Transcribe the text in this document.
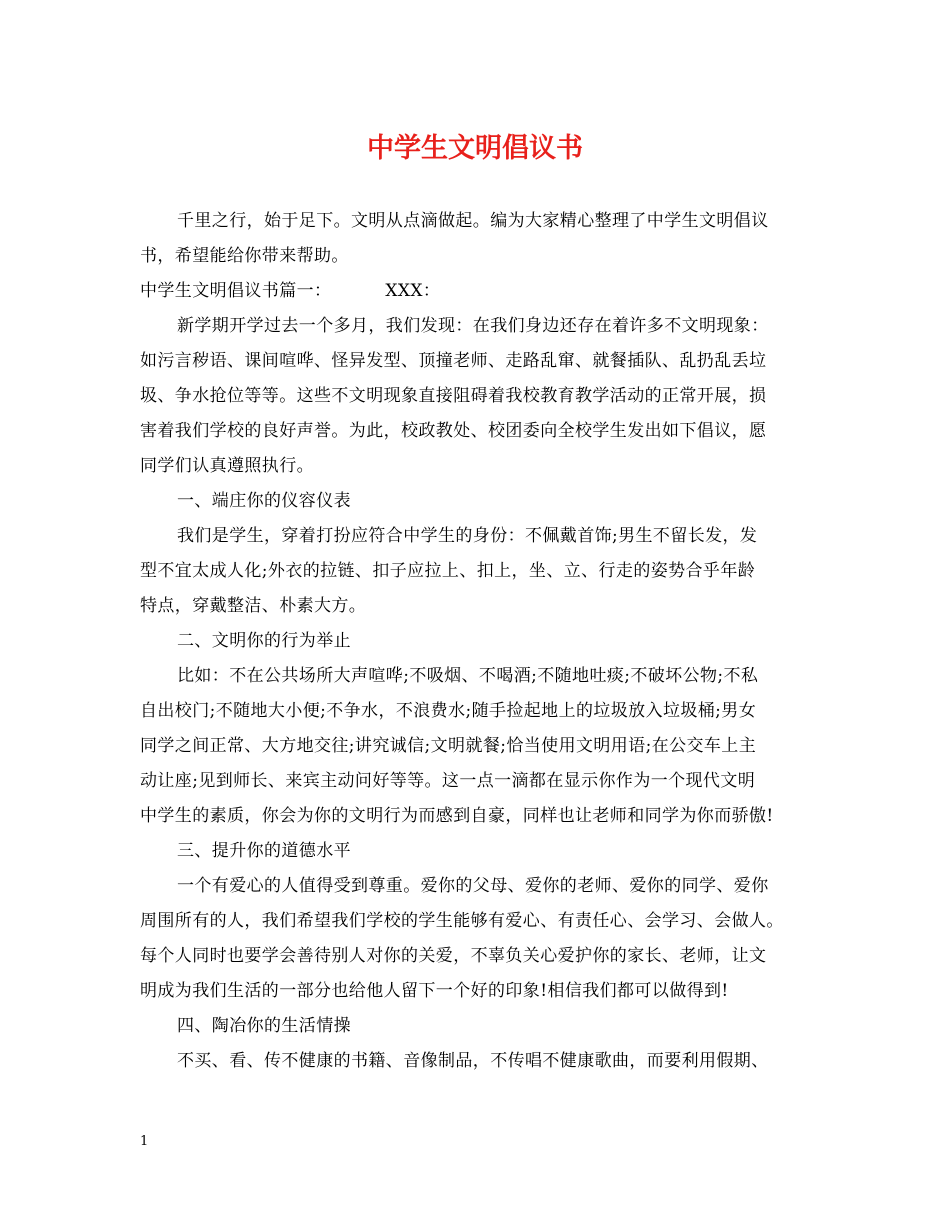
中学生文明倡议书
千里之行，始于足下。文明从点滴做起。编为大家精心整理了中学生文明倡议
书，希望能给你带来帮助。
中学生文明倡议书篇一：	XXX：
新学期开学过去一个多月，我们发现：在我们身边还存在着许多不文明现象：
如污言秽语、课间喧哗、怪异发型、顶撞老师、走路乱窜、就餐插队、乱扔乱丢垃
圾、争水抢位等等。这些不文明现象直接阻碍着我校教育教学活动的正常开展，损
害着我们学校的良好声誉。为此，校政教处、校团委向全校学生发出如下倡议，愿
同学们认真遵照执行。
一、端庄你的仪容仪表
我们是学生，穿着打扮应符合中学生的身份：不佩戴首饰;男生不留长发，发
型不宜太成人化;外衣的拉链、扣子应拉上、扣上，坐、立、行走的姿势合乎年龄
特点，穿戴整洁、朴素大方。
二、文明你的行为举止
比如：不在公共场所大声喧哗;不吸烟、不喝酒;不随地吐痰;不破坏公物;不私
自出校门;不随地大小便;不争水，不浪费水;随手捡起地上的垃圾放入垃圾桶;男女
同学之间正常、大方地交往;讲究诚信;文明就餐;恰当使用文明用语;在公交车上主
动让座;见到师长、来宾主动问好等等。这一点一滴都在显示你作为一个现代文明
中学生的素质，你会为你的文明行为而感到自豪，同样也让老师和同学为你而骄傲!
三、提升你的道德水平
一个有爱心的人值得受到尊重。爱你的父母、爱你的老师、爱你的同学、爱你
周围所有的人，我们希望我们学校的学生能够有爱心、有责任心、会学习、会做人。
每个人同时也要学会善待别人对你的关爱，不辜负关心爱护你的家长、老师，让文
明成为我们生活的一部分也给他人留下一个好的印象!相信我们都可以做得到!
四、陶冶你的生活情操
不买、看、传不健康的书籍、音像制品，不传唱不健康歌曲，而要利用假期、
1
